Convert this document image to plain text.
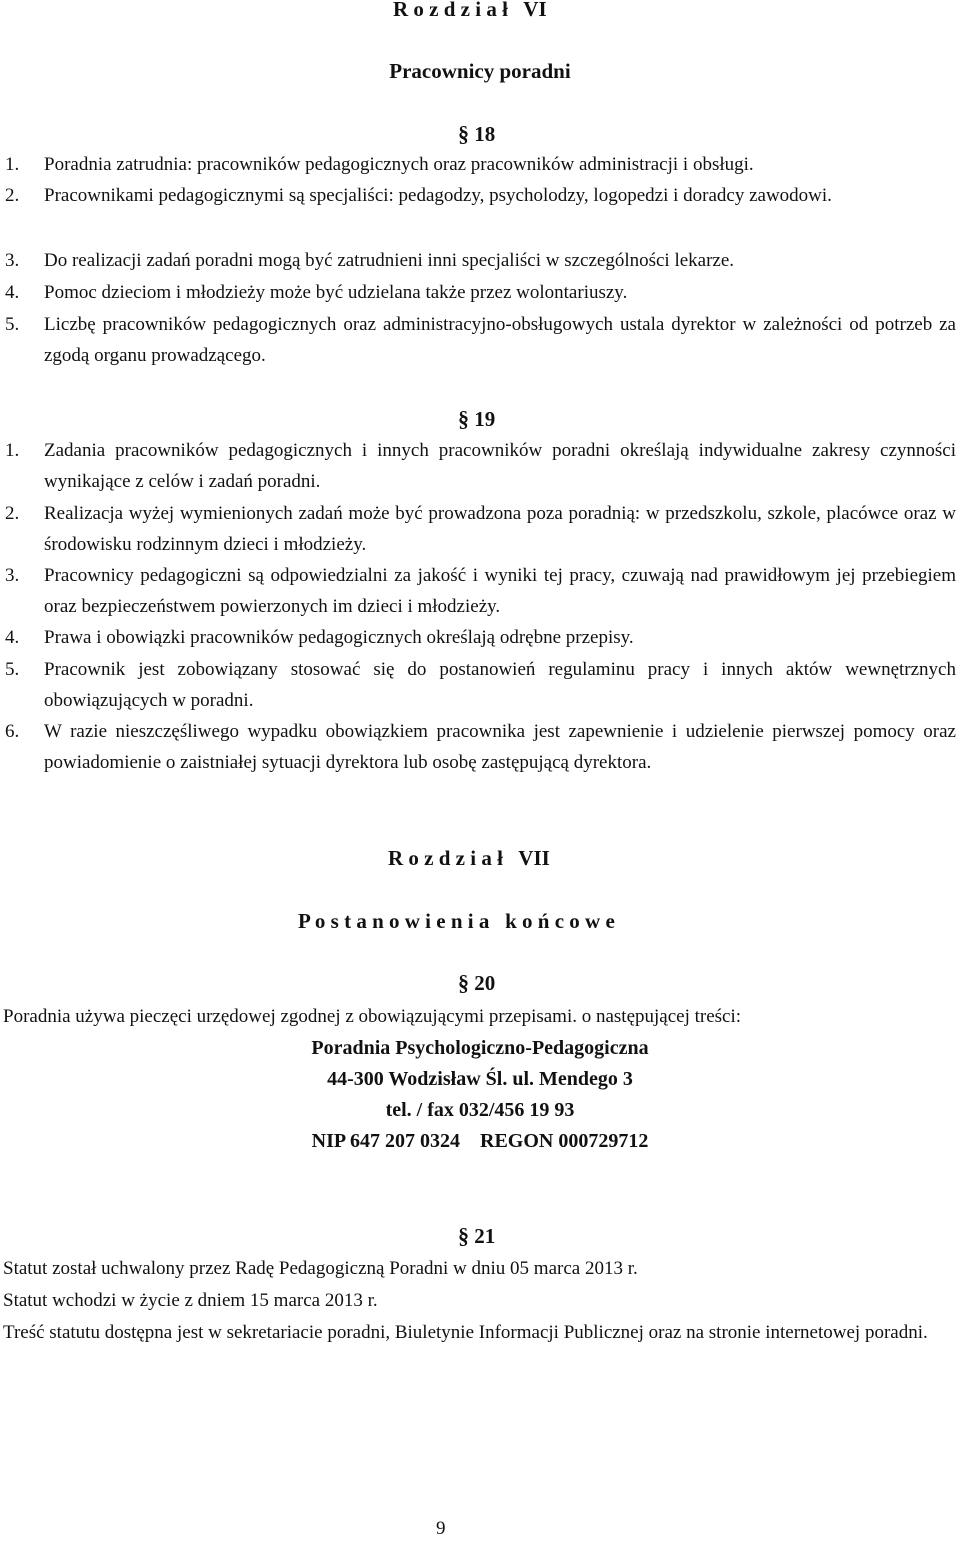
R o z d z i a ł   VI
Pracownicy poradni
§ 18
1. Poradnia zatrudnia: pracowników pedagogicznych oraz pracowników administracji i obsługi.
2. Pracownikami pedagogicznymi są specjaliści: pedagodzy, psycholodzy, logopedzi i doradcy zawodowi.
3. Do realizacji zadań poradni mogą być zatrudnieni inni specjaliści w szczególności lekarze.
4. Pomoc dzieciom i młodzieży może być udzielana także przez wolontariuszy.
5. Liczbę pracowników pedagogicznych oraz administracyjno-obsługowych ustala dyrektor w zależności od potrzeb za zgodą organu prowadzącego.
§ 19
1. Zadania pracowników pedagogicznych i innych pracowników poradni określają indywidualne zakresy czynności wynikające z celów i zadań poradni.
2. Realizacja wyżej wymienionych zadań może być prowadzona poza poradnią: w przedszkolu, szkole, placówce oraz w środowisku rodzinnym dzieci i młodzieży.
3. Pracownicy pedagogiczni są odpowiedzialni za jakość i wyniki tej pracy, czuwają nad prawidłowym jej przebiegiem oraz bezpieczeństwem powierzonych im dzieci i młodzieży.
4. Prawa i obowiązki pracowników pedagogicznych określają odrębne przepisy.
5. Pracownik jest zobowiązany stosować się do postanowień regulaminu pracy i innych aktów wewnętrznych obowiązujących w poradni.
6. W razie nieszczęśliwego wypadku obowiązkiem pracownika jest zapewnienie i udzielenie pierwszej pomocy oraz powiadomienie o zaistniałej sytuacji dyrektora lub osobę zastępującą dyrektora.
R o z d z i a ł   VII
P o s t a n o w i e n i a   k o ń c o w e
§ 20
Poradnia używa pieczęci urzędowej zgodnej z obowiązującymi przepisami. o następującej treści:
Poradnia Psychologiczno-Pedagogiczna
44-300 Wodzisław Śl. ul. Mendego 3
tel. / fax 032/456 19 93
NIP 647 207 0324    REGON 000729712
§ 21
Statut został uchwalony przez Radę Pedagogiczną Poradni w dniu 05 marca 2013 r.
Statut wchodzi w życie z dniem 15 marca 2013 r.
Treść statutu dostępna jest w sekretariacie poradni, Biuletynie Informacji Publicznej oraz na stronie internetowej poradni.
9
